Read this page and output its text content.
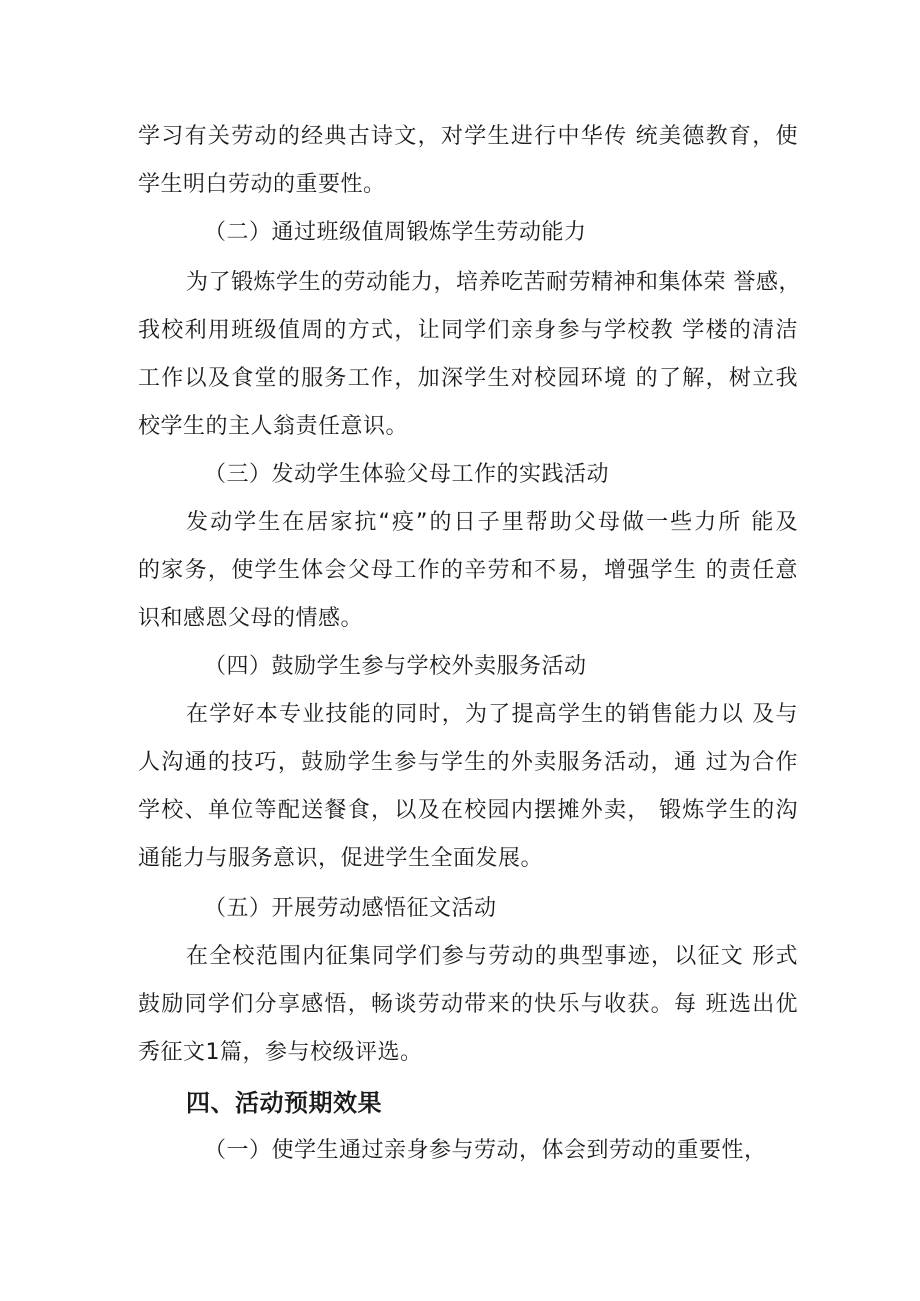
学习有关劳动的经典古诗文，对学生进行中华传 统美德教育，使
学生明白劳动的重要性。
（二）通过班级值周锻炼学生劳动能力
为了锻炼学生的劳动能力，培养吃苦耐劳精神和集体荣 誉感，
我校利用班级值周的方式，让同学们亲身参与学校教 学楼的清洁
工作以及食堂的服务工作，加深学生对校园环境 的了解，树立我
校学生的主人翁责任意识。
（三）发动学生体验父母工作的实践活动
发动学生在居家抗“疫”的日子里帮助父母做一些力所 能及
的家务，使学生体会父母工作的辛劳和不易，增强学生 的责任意
识和感恩父母的情感。
（四）鼓励学生参与学校外卖服务活动
在学好本专业技能的同时，为了提高学生的销售能力以 及与
人沟通的技巧，鼓励学生参与学生的外卖服务活动，通 过为合作
学校、单位等配送餐食，以及在校园内摆摊外卖， 锻炼学生的沟
通能力与服务意识，促进学生全面发展。
（五）开展劳动感悟征文活动
在全校范围内征集同学们参与劳动的典型事迹，以征文 形式
鼓励同学们分享感悟，畅谈劳动带来的快乐与收获。每 班选出优
秀征文1篇，参与校级评选。
四、活动预期效果
（一）使学生通过亲身参与劳动，体会到劳动的重要性，
